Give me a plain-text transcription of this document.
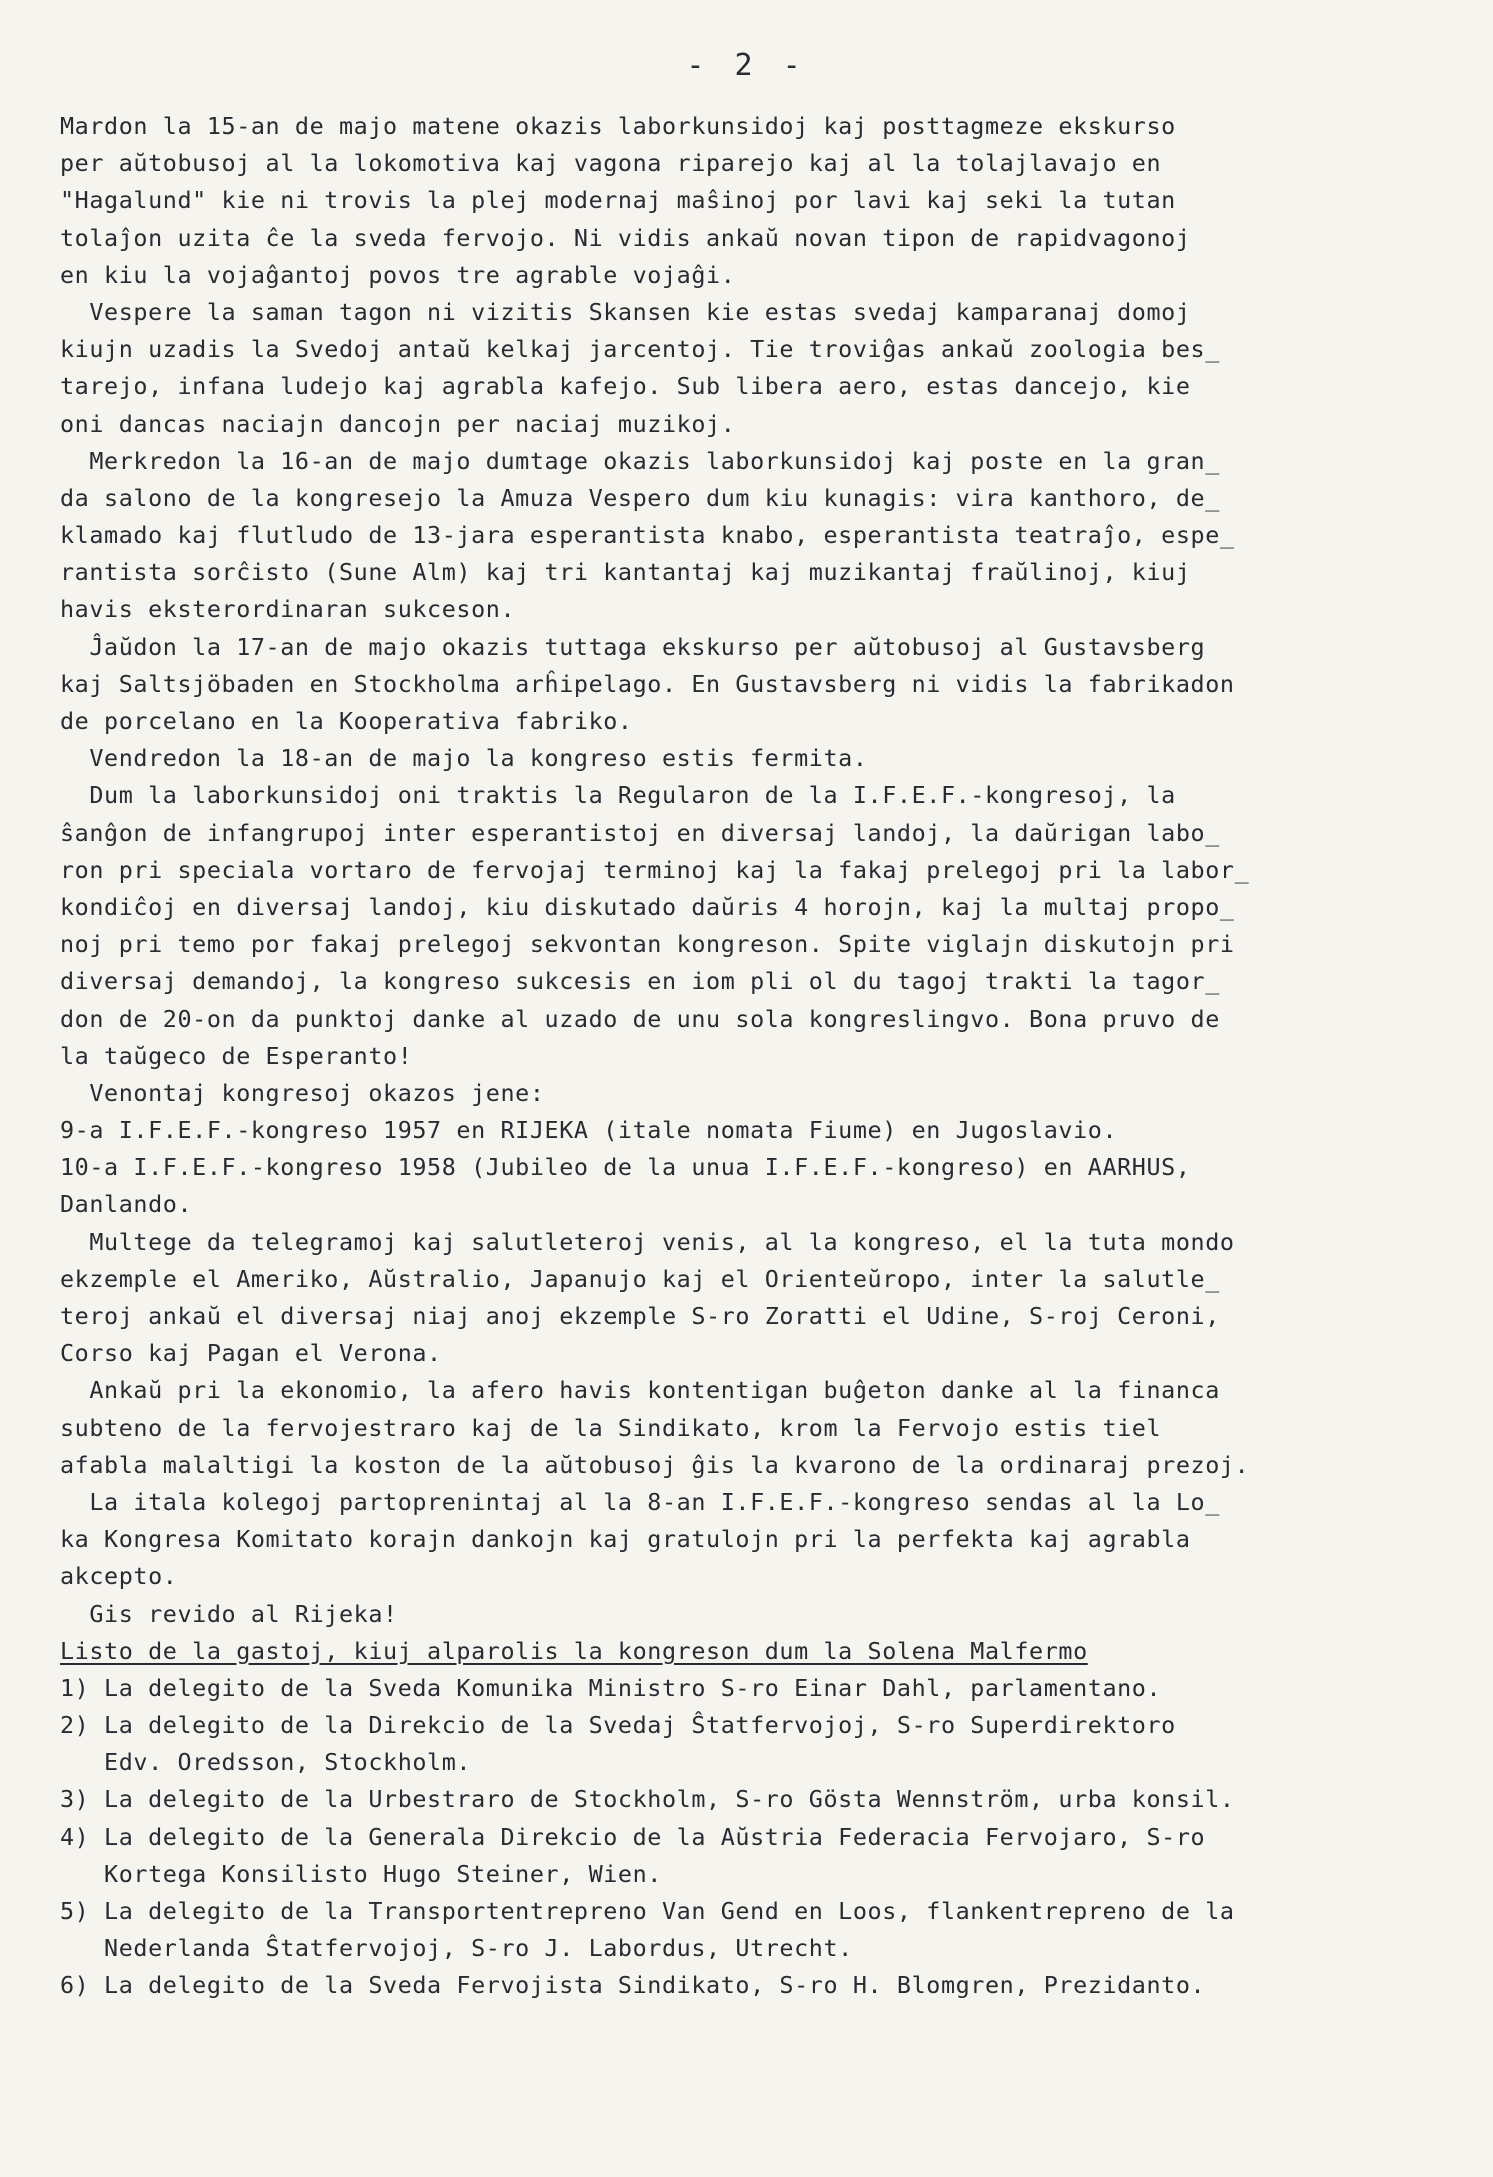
- 2 -
Mardon la 15-an de majo matene okazis laborkunsidoj kaj posttagmeze ekskurso
per aŭtobusoj al la lokomotiva kaj vagona riparejo kaj al la tolajlavajo en
"Hagalund" kie ni trovis la plej modernaj maŝinoj por lavi kaj seki la tutan
tolaĵon uzita ĉe la sveda fervojo. Ni vidis ankaŭ novan tipon de rapidvagonoj
en kiu la vojaĝantoj povos tre agrable vojaĝi.
Vespere la saman tagon ni vizitis Skansen kie estas svedaj kamparanaj domoj
kiujn uzadis la Svedoj antaŭ kelkaj jarcentoj. Tie troviĝas ankaŭ zoologia bes_
tarejo, infana ludejo kaj agrabla kafejo. Sub libera aero, estas dancejo, kie
oni dancas naciajn dancojn per naciaj muzikoj.
Merkredon la 16-an de majo dumtage okazis laborkunsidoj kaj poste en la gran_
da salono de la kongresejo la Amuza Vespero dum kiu kunagis: vira kanthoro, de_
klamado kaj flutludo de 13-jara esperantista knabo, esperantista teatraĵo, espe_
rantista sorĉisto (Sune Alm) kaj tri kantantaj kaj muzikantaj fraŭlinoj, kiuj
havis eksterordinaran sukceson.
Ĵaŭdon la 17-an de majo okazis tuttaga ekskurso per aŭtobusoj al Gustavsberg
kaj Saltsjöbaden en Stockholma arĥipelago. En Gustavsberg ni vidis la fabrikadon
de porcelano en la Kooperativa fabriko.
Vendredon la 18-an de majo la kongreso estis fermita.
Dum la laborkunsidoj oni traktis la Regularon de la I.F.E.F.-kongresoj, la
ŝanĝon de infangrupoj inter esperantistoj en diversaj landoj, la daŭrigan labo_
ron pri speciala vortaro de fervojaj terminoj kaj la fakaj prelegoj pri la labor_
kondiĉoj en diversaj landoj, kiu diskutado daŭris 4 horojn, kaj la multaj propo_
noj pri temo por fakaj prelegoj sekvontan kongreson. Spite viglajn diskutojn pri
diversaj demandoj, la kongreso sukcesis en iom pli ol du tagoj trakti la tagor_
don de 20-on da punktoj danke al uzado de unu sola kongreslingvo. Bona pruvo de
la taŭgeco de Esperanto!
Venontaj kongresoj okazos jene:
9-a I.F.E.F.-kongreso 1957 en RIJEKA (itale nomata Fiume) en Jugoslavio.
10-a I.F.E.F.-kongreso 1958 (Jubileo de la unua I.F.E.F.-kongreso) en AARHUS,
Danlando.
Multege da telegramoj kaj salutleteroj venis, al la kongreso, el la tuta mondo
ekzemple el Ameriko, Aŭstralio, Japanujo kaj el Orienteŭropo, inter la salutle_
teroj ankaŭ el diversaj niaj anoj ekzemple S-ro Zoratti el Udine, S-roj Ceroni,
Corso kaj Pagan el Verona.
Ankaŭ pri la ekonomio, la afero havis kontentigan buĝeton danke al la financa
subteno de la fervojestraro kaj de la Sindikato, krom la Fervojo estis tiel
afabla malaltigi la koston de la aŭtobusoj ĝis la kvarono de la ordinaraj prezoj.
La itala kolegoj partoprenintaj al la 8-an I.F.E.F.-kongreso sendas al la Lo_
ka Kongresa Komitato korajn dankojn kaj gratulojn pri la perfekta kaj agrabla
akcepto.
Gis revido al Rijeka!
Listo de la gastoj, kiuj alparolis la kongreson dum la Solena Malfermo
1) La delegito de la Sveda Komunika Ministro S-ro Einar Dahl, parlamentano.
2) La delegito de la Direkcio de la Svedaj Ŝtatfervojoj, S-ro Superdirektoro
Edv. Oredsson, Stockholm.
3) La delegito de la Urbestraro de Stockholm, S-ro Gösta Wennström, urba konsil.
4) La delegito de la Generala Direkcio de la Aŭstria Federacia Fervojaro, S-ro
Kortega Konsilisto Hugo Steiner, Wien.
5) La delegito de la Transportentrepreno Van Gend en Loos, flankentrepreno de la
Nederlanda Ŝtatfervojoj, S-ro J. Labordus, Utrecht.
6) La delegito de la Sveda Fervojista Sindikato, S-ro H. Blomgren, Prezidanto.
